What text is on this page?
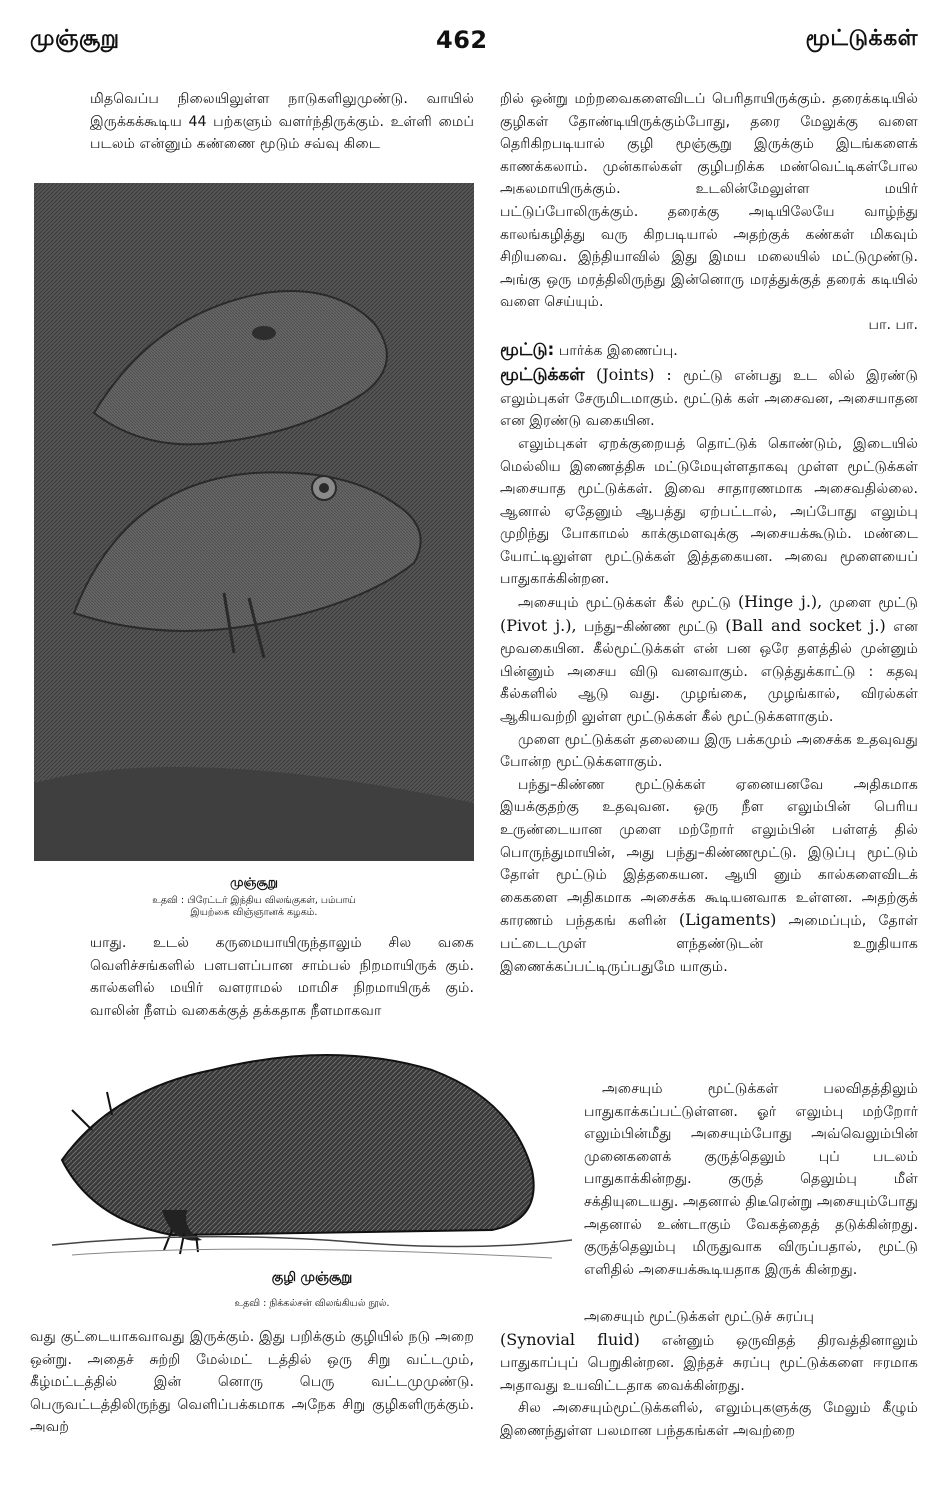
முஞ்சூறு	462	மூட்டுக்கள்

மிதவெப்ப நிலையிலுள்ள நாடுகளிலுமுண்டு. வாயில் இருக்கக்கூடிய 44 பற்களும் வளர்ந்திருக்கும். உள்ளி மைப் படலம் என்னும் கண்ணை மூடும் சவ்வு கிடை

முஞ்சூறு
உதவி : பிரேட்டர் இந்திய விலங்குகள், பம்பாய்
இயற்கை விஞ்ஞானக் கழகம்.

யாது. உடல் கருமையாயிருந்தாலும் சில வகை வெளிச்சங்களில் பளபளப்பான சாம்பல் நிறமாயிருக் கும். கால்களில் மயிர் வளராமல் மாமிச நிறமாயிருக் கும். வாலின் நீளம் வகைக்குத் தக்கதாக நீளமாகவா

குழி முஞ்சூறு
உதவி : நிக்கல்சன் விலங்கியல் நூல்.

வது குட்டையாகவாவது இருக்கும். இது பறிக்கும் குழியில் நடு அறை ஒன்று. அதைச் சுற்றி மேல்மட் டத்தில் ஒரு சிறு வட்டமும், கீழ்மட்டத்தில் இன் னொரு பெரு வட்டமுமுண்டு. பெருவட்டத்திலிருந்து வெளிப்பக்கமாக அநேக சிறு குழிகளிருக்கும். அவற்

றில் ஒன்று மற்றவைகளைவிடப் பெரிதாயிருக்கும். தரைக்கடியில் குழிகள் தோண்டியிருக்கும்போது, தரை மேலுக்கு வளை தெரிகிறபடியால் குழி மூஞ்சூறு இருக்கும் இடங்களைக் காணக்கலாம். முன்கால்கள் குழிபறிக்க மண்வெட்டிகள்போல அகலமாயிருக்கும். உடலின்மேலுள்ள மயிர் பட்டுப்போலிருக்கும். தரைக்கு அடியிலேயே வாழ்ந்து காலங்கழித்து வரு கிறபடியால் அதற்குக் கண்கள் மிகவும் சிறியவை. இந்தியாவில் இது இமய மலையில் மட்டுமுண்டு. அங்கு ஒரு மரத்திலிருந்து இன்னொரு மரத்துக்குத் தரைக் கடியில் வளை செய்யும்.

பா. பா.

மூட்டு: பார்க்க இணைப்பு.

மூட்டுக்கள் (Joints) : மூட்டு என்பது உட லில் இரண்டு எலும்புகள் சேருமிடமாகும். மூட்டுக் கள் அசைவன, அசையாதன என இரண்டு வகையின.

எலும்புகள் ஏறக்குறையத் தொட்டுக் கொண்டும், இடையில் மெல்லிய இணைத்திசு மட்டுமேயுள்ளதாகவு முள்ள மூட்டுக்கள் அசையாத மூட்டுக்கள். இவை சாதாரணமாக அசைவதில்லை. ஆனால் ஏதேனும் ஆபத்து ஏற்பட்டால், அப்போது எலும்பு முறிந்து போகாமல் காக்குமளவுக்கு அசையக்கூடும். மண்டை யோட்டிலுள்ள மூட்டுக்கள் இத்தகையன. அவை மூளையைப் பாதுகாக்கின்றன.

அசையும் மூட்டுக்கள் கீல் மூட்டு (Hinge j.), முளை மூட்டு (Pivot j.), பந்து–கிண்ண மூட்டு (Ball and socket j.) என மூவகையின. கீல்மூட்டுக்கள் என் பன ஒரே தளத்தில் முன்னும் பின்னும் அசைய விடு வனவாகும். எடுத்துக்காட்டு : கதவு கீல்களில் ஆடு வது. முழங்கை, முழங்கால், விரல்கள் ஆகியவற்றி லுள்ள மூட்டுக்கள் கீல் மூட்டுக்களாகும்.

முளை மூட்டுக்கள் தலையை இரு பக்கமும் அசைக்க உதவுவது போன்ற மூட்டுக்களாகும்.

பந்து–கிண்ண மூட்டுக்கள் ஏனையனவே அதிகமாக இயக்குதற்கு உதவுவன. ஒரு நீள எலும்பின் பெரிய உருண்டையான முளை மற்றோர் எலும்பின் பள்ளத் தில் பொருந்துமாயின், அது பந்து–கிண்ணமூட்டு. இடுப்பு மூட்டும் தோள் மூட்டும் இத்தகையன. ஆயி னும் கால்களைவிடக் கைகளை அதிகமாக அசைக்க கூடியனவாக உள்ளன. அதற்குக் காரணம் பந்தகங் களின் (Ligaments) அமைப்பும், தோள் பட்டைடமுள் ளந்தண்டுடன் உறுதியாக இணைக்கப்பட்டிருப்பதுமே யாகும்.

அசையும் மூட்டுக்கள் பலவிதத்திலும் பாதுகாக்கப்பட்டுள்ளன. ஓர் எலும்பு மற்றோர் எலும்பின்மீது அசையும்போது அவ்வெலும்பின் முனைகளைக் குருத்தெலும் புப் படலம் பாதுகாக்கின்றது. குருத் தெலும்பு மீள் சக்தியுடையது. அதனால் திடீரென்று அசையும்போது அதனால் உண்டாகும் வேகத்தைத் தடுக்கின்றது. குருத்தெலும்பு மிருதுவாக விருப்பதால், மூட்டு எளிதில் அசையக்கூடியதாக இருக் கின்றது.

அசையும் மூட்டுக்கள் மூட்டுச் சுரப்பு

(Synovial fluid) என்னும் ஒருவிதத் திரவத்தினாலும் பாதுகாப்புப் பெறுகின்றன. இந்தச் சுரப்பு மூட்டுக்களை ஈரமாக அதாவது உயவிட்டதாக வைக்கின்றது.

சில அசையும்மூட்டுக்களில், எலும்புகளுக்கு மேலும் கீழும் இணைந்துள்ள பலமான பந்தகங்கள் அவற்றை
